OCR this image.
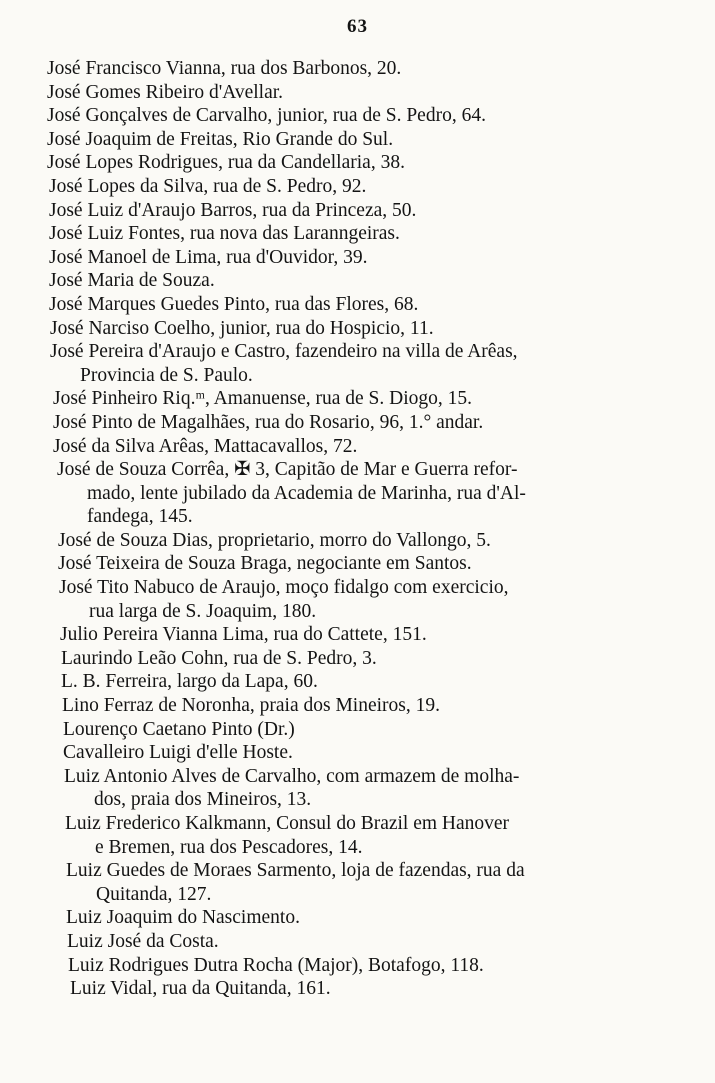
63
José Francisco Vianna, rua dos Barbonos, 20.
José Gomes Ribeiro d'Avellar.
José Gonçalves de Carvalho, junior, rua de S. Pedro, 64.
José Joaquim de Freitas, Rio Grande do Sul.
José Lopes Rodrigues, rua da Candellaria, 38.
José Lopes da Silva, rua de S. Pedro, 92.
José Luiz d'Araujo Barros, rua da Princeza, 50.
José Luiz Fontes, rua nova das Laranngeiras.
José Manoel de Lima, rua d'Ouvidor, 39.
José Maria de Souza.
José Marques Guedes Pinto, rua das Flores, 68.
José Narciso Coelho, junior, rua do Hospicio, 11.
José Pereira d'Araujo e Castro, fazendeiro na villa de Arêas,
Provincia de S. Paulo.
José Pinheiro Riq.ᵐ, Amanuense, rua de S. Diogo, 15.
José Pinto de Magalhães, rua do Rosario, 96, 1.° andar.
José da Silva Arêas, Mattacavallos, 72.
José de Souza Corrêa, ✠ 3, Capitão de Mar e Guerra refor-
mado, lente jubilado da Academia de Marinha, rua d'Al-
fandega, 145.
José de Souza Dias, proprietario, morro do Vallongo, 5.
José Teixeira de Souza Braga, negociante em Santos.
José Tito Nabuco de Araujo, moço fidalgo com exercicio,
rua larga de S. Joaquim, 180.
Julio Pereira Vianna Lima, rua do Cattete, 151.
Laurindo Leão Cohn, rua de S. Pedro, 3.
L. B. Ferreira, largo da Lapa, 60.
Lino Ferraz de Noronha, praia dos Mineiros, 19.
Lourenço Caetano Pinto (Dr.)
Cavalleiro Luigi d'elle Hoste.
Luiz Antonio Alves de Carvalho, com armazem de molha-
dos, praia dos Mineiros, 13.
Luiz Frederico Kalkmann, Consul do Brazil em Hanover
e Bremen, rua dos Pescadores, 14.
Luiz Guedes de Moraes Sarmento, loja de fazendas, rua da
Quitanda, 127.
Luiz Joaquim do Nascimento.
Luiz José da Costa.
Luiz Rodrigues Dutra Rocha (Major), Botafogo, 118.
Luiz Vidal, rua da Quitanda, 161.
